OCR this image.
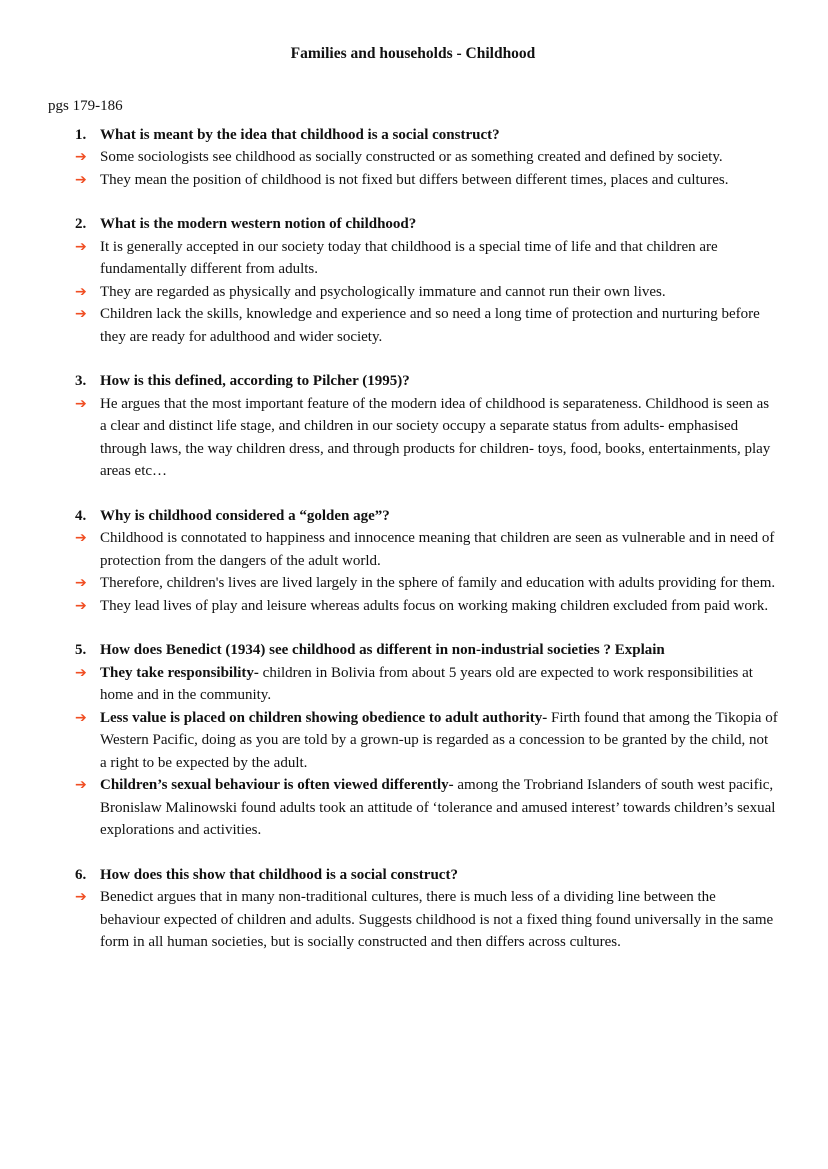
Families and households - Childhood

pgs 179-186

1. What is meant by the idea that childhood is a social construct?
➔ Some sociologists see childhood as socially constructed or as something created and defined by society.
➔ They mean the position of childhood is not fixed but differs between different times, places and cultures.
2. What is the modern western notion of childhood?
➔ It is generally accepted in our society today that childhood is a special time of life and that children are fundamentally different from adults.
➔ They are regarded as physically and psychologically immature and cannot run their own lives.
➔ Children lack the skills, knowledge and experience and so need a long time of protection and nurturing before they are ready for adulthood and wider society.
3. How is this defined, according to Pilcher (1995)?
➔ He argues that the most important feature of the modern idea of childhood is separateness. Childhood is seen as a clear and distinct life stage, and children in our society occupy a separate status from adults- emphasised through laws, the way children dress, and through products for children- toys, food, books, entertainments, play areas etc…
4. Why is childhood considered a “golden age”?
➔ Childhood is connotated to happiness and innocence meaning that children are seen as vulnerable and in need of protection from the dangers of the adult world.
➔ Therefore, children's lives are lived largely in the sphere of family and education with adults providing for them.
➔ They lead lives of play and leisure whereas adults focus on working making children excluded from paid work.
5. How does Benedict (1934) see childhood as different in non-industrial societies ? Explain
➔ They take responsibility- children in Bolivia from about 5 years old are expected to work responsibilities at home and in the community.
➔ Less value is placed on children showing obedience to adult authority- Firth found that among the Tikopia of Western Pacific, doing as you are told by a grown-up is regarded as a concession to be granted by the child, not a right to be expected by the adult.
➔ Children’s sexual behaviour is often viewed differently- among the Trobriand Islanders of south west pacific, Bronislaw Malinowski found adults took an attitude of ‘tolerance and amused interest’ towards children’s sexual explorations and activities.
6. How does this show that childhood is a social construct?
➔ Benedict argues that in many non-traditional cultures, there is much less of a dividing line between the behaviour expected of children and adults. Suggests childhood is not a fixed thing found universally in the same form in all human societies, but is socially constructed and then differs across cultures.
